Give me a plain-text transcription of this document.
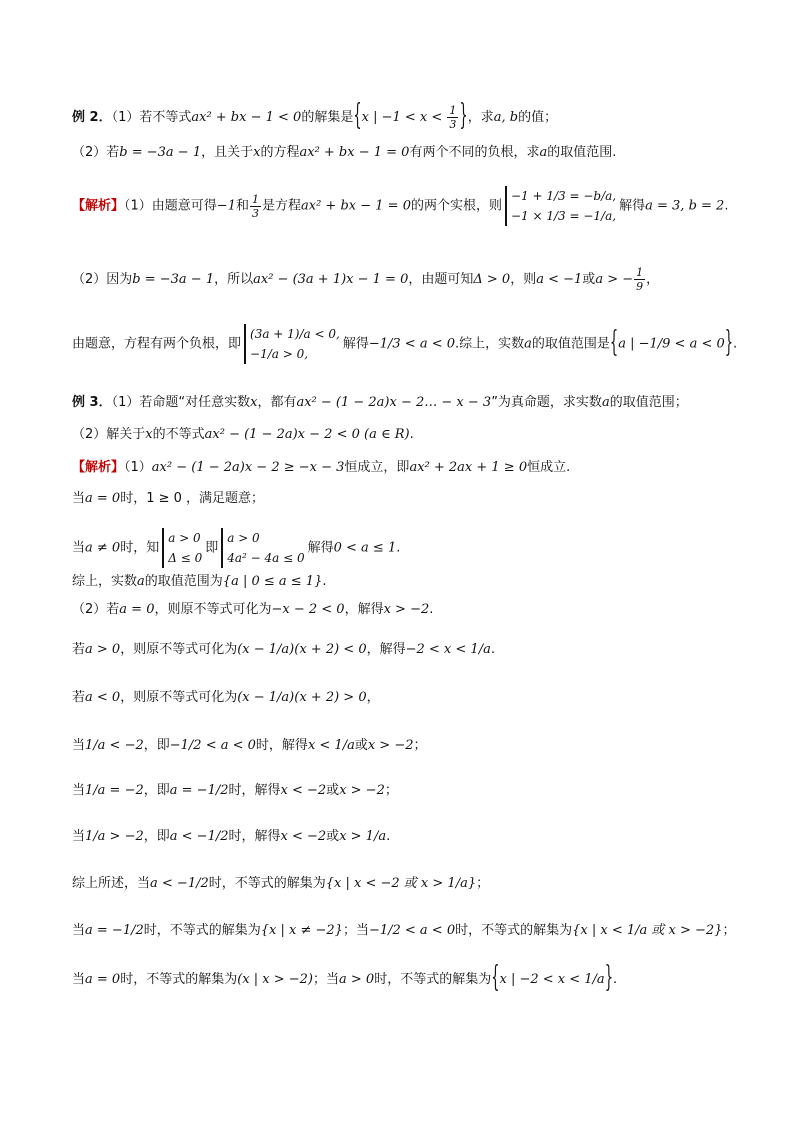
例 2．（1）若不等式ax² + bx − 1 < 0的解集是{x | $-1 < x < \frac{1}{3}$ }，求a, b的值；
（2）若b = −3a − 1，且关于x的方程ax² + bx − 1 = 0有两个不同的负根，求a的取值范围.
【解析】（1）由题意可得−1和 $\frac{1}{3}$ 是方程ax² + bx − 1 = 0的两个实根，则
−1 + 1/3 = −b/a,
−1 × 1/3 = −1/a,
解得a = 3, b = 2.
（2）因为b = −3a − 1，所以ax² − (3a + 1)x − 1 = 0，由题可知Δ > 0，则a < −1或a > − $\frac{1}{9}$ ，
由题意，方程有两个负根，即
(3a + 1)/a < 0,
−1/a > 0,
解得−1/3 < a < 0.综上，实数a的取值范围是{a | −1/9 < a < 0}.
例 3．（1）若命题“对任意实数x，都有ax² − (1 − 2a)x − 2… − x − 3”为真命题，求实数a的取值范围；
（2）解关于x的不等式ax² − (1 − 2a)x − 2 < 0 (a ∈ R).
【解析】（1）ax² − (1 − 2a)x − 2 ≥ −x − 3恒成立，即ax² + 2ax + 1 ≥ 0恒成立.
当a = 0时，1 ≥ 0 ，满足题意；
当a ≠ 0时，知
a > 0
Δ ≤ 0
即
a > 0
4a² − 4a ≤ 0
解得0 < a ≤ 1.
综上，实数a的取值范围为{a | 0 ≤ a ≤ 1}.
（2）若a = 0，则原不等式可化为−x − 2 < 0，解得x > −2.
若a > 0，则原不等式可化为(x − 1/a)(x + 2) < 0，解得−2 < x < 1/a.
若a < 0，则原不等式可化为(x − 1/a)(x + 2) > 0，
当1/a < −2，即−1/2 < a < 0时，解得x < 1/a或x > −2；
当1/a = −2，即a = −1/2时，解得x < −2或x > −2；
当1/a > −2，即a < −1/2时，解得x < −2或x > 1/a.
综上所述，当a < −1/2时，不等式的解集为{x | x < −2 或 x > 1/a}；
当a = −1/2时，不等式的解集为{x | x ≠ −2}；当−1/2 < a < 0时，不等式的解集为{x | x < 1/a 或 x > −2}；
当a = 0时，不等式的解集为(x | x > −2)；当a > 0时，不等式的解集为{x | −2 < x < 1/a}.
